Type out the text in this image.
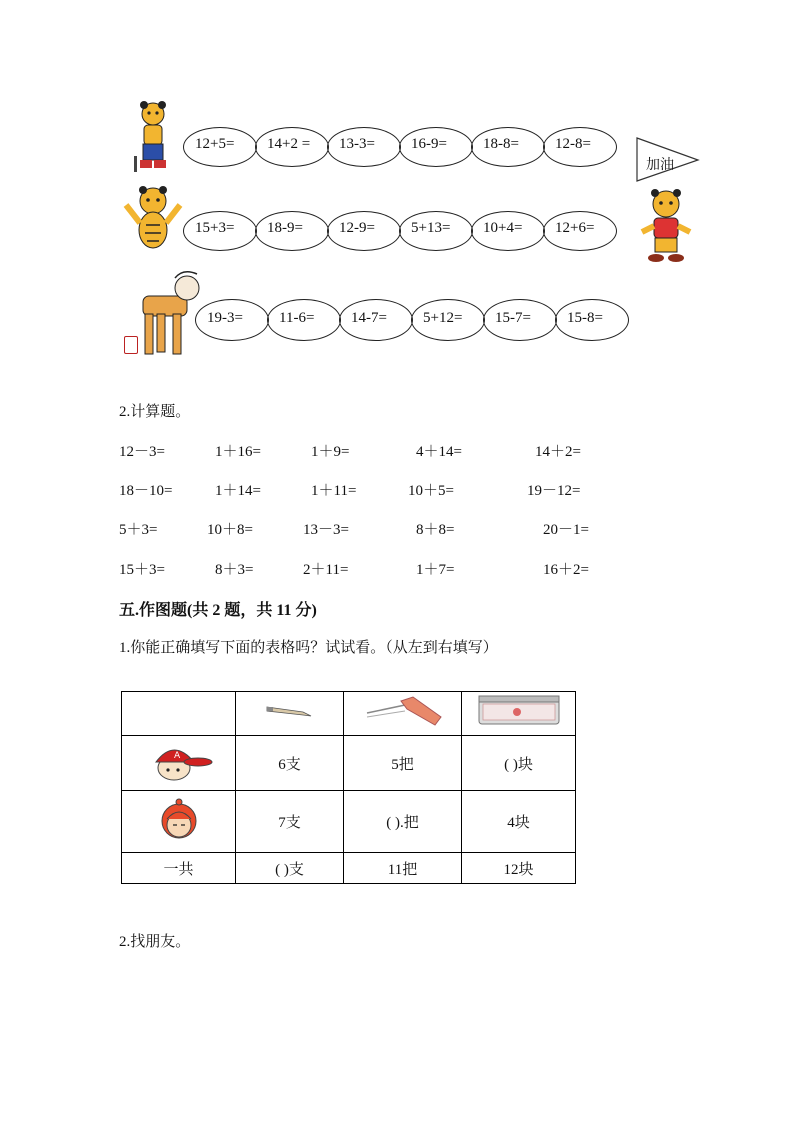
加油
12+5= 14+2 = 13-3= 16-9= 18-8= 12-8=
15+3= 18-9= 12-9= 5+13= 10+4= 12+6=
19-3= 11-6= 14-7= 5+12= 15-7= 15-8=
2.计算题。
12－3=	1＋16=	1＋9=	4＋14=	14＋2=
18－10=	1＋14=	1＋11=	10＋5=	19－12=
5＋3=	10＋8=	13－3=	8＋8=	20－1=
15＋3=	8＋3=	2＋11=	1＋7=	16＋2=
五.作图题(共 2 题，共 11 分)
1.你能正确填写下面的表格吗？试试看。（从左到右填写）

A	6支	5把	( )块
	7支	( ).把	4块
一共	( )支	11把	12块
2.找朋友。
